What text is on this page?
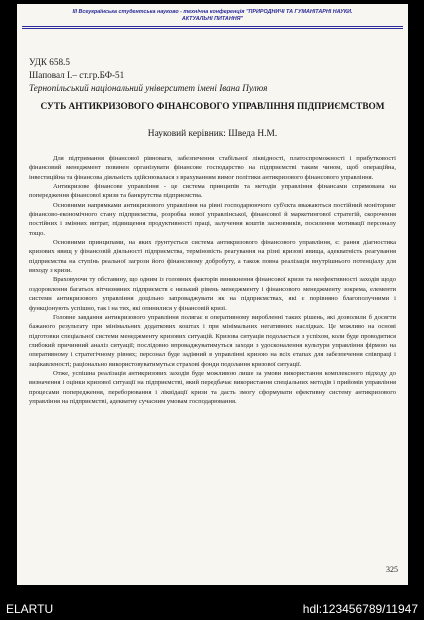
III Всеукраїнська студентська науково - технічна конференція "ПРИРОДНИЧІ ТА ГУМАНІТАРНІ НАУКИ.
АКТУАЛЬНІ ПИТАННЯ"
УДК 658.5
Шаповал І.– ст.гр.БФ-51
Тернопільський національний університет імені Івана Пулюя
СУТЬ АНТИКРИЗОВОГО ФІНАНСОВОГО УПРАВЛІННЯ ПІДПРИЄМСТВОМ
Науковий керівник: Шведа Н.М.

Для підтримання фінансової рівноваги, забезпечення стабільної ліквідності, платоспроможності і прибутковості фінансовий менеджмент повинен організувати фінансове господарство на підприємстві таким чином, щоб операційна, інвестиційна та фінансова діяльність здійснювалася з врахуванням вимог політики антикризового фінансового управління.

Антикризове фінансове управління - це система принципів та методів управління фінансами спрямована на попередження фінансової кризи та банкрутства підприємства.

Основними напрямками антикризового управління на рівні господарюючого суб'єкта вважаються постійний моніторинг фінансово-економічного стану підприємства, розробка нової управлінської, фінансової й маркетингової стратегій, скорочення постійних і змінних витрат, підвищення продуктивності праці, залучення коштів засновників, посилення мотивації персоналу тощо.

Основними принципами, на яких ґрунтується система антикризового фінансового управління, є: рання діагностика кризових явищ у фінансовій діяльності підприємства, терміновість реагування на різні кризові явища, адекватність реагування підприємства на ступінь реальної загрози його фінансовому добробуту, а також повна реалізація внутрішнього потенціалу для виходу з кризи.

Враховуючи ту обставину, що одним із головних факторів виникнення фінансової кризи та неефективності заходів щодо оздоровлення багатьох вітчизняних підприємств є низький рівень менеджменту і фінансового менеджменту зокрема, елементи системи антикризового управління доцільно запроваджувати як на підприємствах, які є порівняно благополучними і функціонують успішно, так і на тих, які опинилися у фінансовій кризі.

Головне завдання антикризового управління полягає в оперативному виробленні таких рішень, які дозволили б досягти бажаного результату при мінімальних додаткових коштах і при мінімальних негативних наслідках. Це можливо на основі підготовки спеціальної системи менеджменту кризових ситуацій. Кризова ситуація подолається з успіхом, коли буде проводитися глибокий причинний аналіз ситуації; послідовно впроваджуватимуться заходи з удосконалення культури управління фірмою на оперативному і стратегічному рівнях; персонал буде задіяний в управлінні кризою на всіх етапах для забезпечення співпраці і зацікавленості; раціонально використовуватимуться страхові фонди подолання кризової ситуації.

Отже, успішна реалізація антикризових заходів буде можливою лише за умови використання комплексного підходу до визначення і оцінки кризової ситуації на підприємстві, який передбачає використання спеціальних методів і прийомів управління процесами попередження, переборювання і ліквідації кризи та дасть змогу сформувати ефективну систему антикризового управління на підприємстві, адекватну сучасним умовам господарювання.

325
ELARTU	hdl:123456789/11947
